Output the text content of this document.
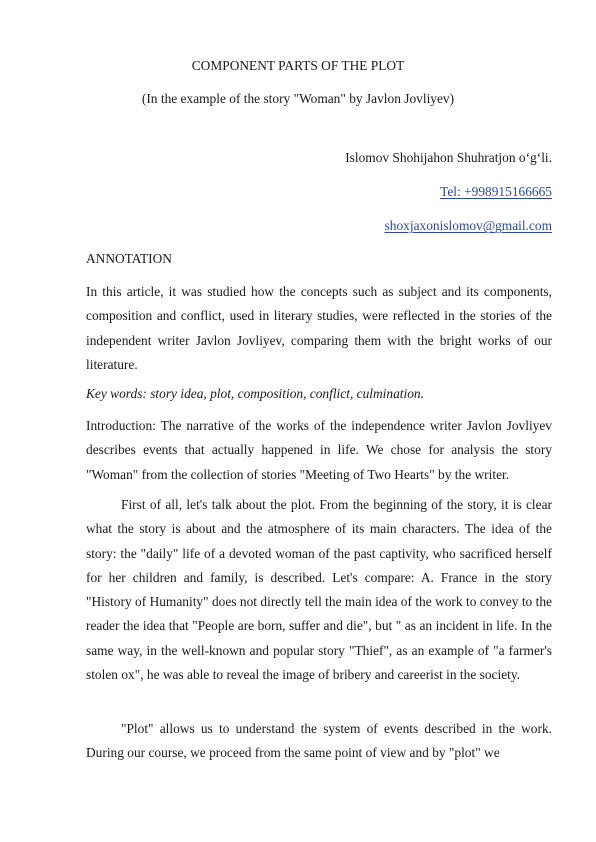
COMPONENT PARTS OF THE PLOT
(In the example of the story "Woman" by Javlon Jovliyev)
Islomov Shohijahon Shuhratjon o‘g‘li.
Tel: +998915166665
shoxjaxonislomov@gmail.com
ANNOTATION
In this article, it was studied how the concepts such as subject and its components, composition and conflict, used in literary studies, were reflected in the stories of the independent writer Javlon Jovliyev, comparing them with the bright works of our literature.
Key words: story idea, plot, composition, conflict, culmination.
Introduction: The narrative of the works of the independence writer Javlon Jovliyev describes events that actually happened in life. We chose for analysis the story "Woman" from the collection of stories "Meeting of Two Hearts" by the writer.
First of all, let's talk about the plot. From the beginning of the story, it is clear what the story is about and the atmosphere of its main characters. The idea of the story: the "daily" life of a devoted woman of the past captivity, who sacrificed herself for her children and family, is described. Let's compare: A. France in the story "History of Humanity" does not directly tell the main idea of the work to convey to the reader the idea that "People are born, suffer and die", but " as an incident in life. In the same way, in the well-known and popular story "Thief", as an example of "a farmer's stolen ox", he was able to reveal the image of bribery and careerist in the society.
"Plot" allows us to understand the system of events described in the work. During our course, we proceed from the same point of view and by "plot" we
